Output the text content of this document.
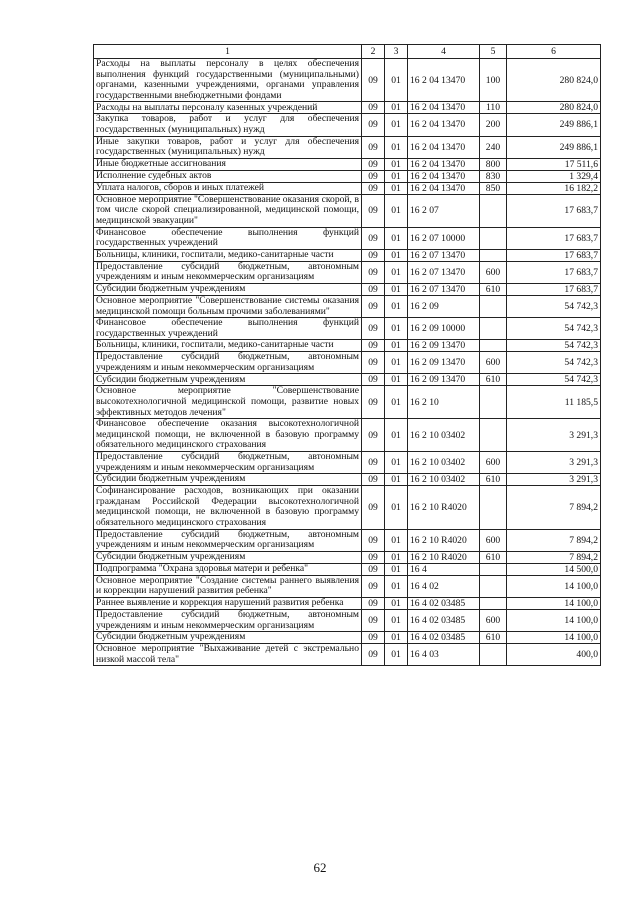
1	2	3	4	5	6
Расходы на выплаты персоналу в целях обеспечения выполнения функций государственными (муниципальными) органами, казенными учреждениями, органами управления государственными внебюджетными фондами	09	01	16 2 04 13470	100	280 824,0
Расходы на выплаты персоналу казенных учреждений	09	01	16 2 04 13470	110	280 824,0
Закупка товаров, работ и услуг для обеспечения государственных (муниципальных) нужд	09	01	16 2 04 13470	200	249 886,1
Иные закупки товаров, работ и услуг для обеспечения государственных (муниципальных) нужд	09	01	16 2 04 13470	240	249 886,1
Иные бюджетные ассигнования	09	01	16 2 04 13470	800	17 511,6
Исполнение судебных актов	09	01	16 2 04 13470	830	1 329,4
Уплата налогов, сборов и иных платежей	09	01	16 2 04 13470	850	16 182,2
Основное мероприятие "Совершенствование оказания скорой, в том числе скорой специализированной, медицинской помощи, медицинской эвакуации"	09	01	16 2 07		17 683,7
Финансовое обеспечение выполнения функций государственных учреждений	09	01	16 2 07 10000		17 683,7
Больницы, клиники, госпитали, медико-санитарные части	09	01	16 2 07 13470		17 683,7
Предоставление субсидий бюджетным, автономным учреждениям и иным некоммерческим организациям	09	01	16 2 07 13470	600	17 683,7
Субсидии бюджетным учреждениям	09	01	16 2 07 13470	610	17 683,7
Основное мероприятие "Совершенствование системы оказания медицинской помощи больным прочими заболеваниями"	09	01	16 2 09		54 742,3
Финансовое обеспечение выполнения функций государственных учреждений	09	01	16 2 09 10000		54 742,3
Больницы, клиники, госпитали, медико-санитарные части	09	01	16 2 09 13470		54 742,3
Предоставление субсидий бюджетным, автономным учреждениям и иным некоммерческим организациям	09	01	16 2 09 13470	600	54 742,3
Субсидии бюджетным учреждениям	09	01	16 2 09 13470	610	54 742,3
Основное мероприятие "Совершенствование высокотехнологичной медицинской помощи, развитие новых эффективных методов лечения"	09	01	16 2 10		11 185,5
Финансовое обеспечение оказания высокотехнологичной медицинской помощи, не включенной в базовую программу обязательного медицинского страхования	09	01	16 2 10 03402		3 291,3
Предоставление субсидий бюджетным, автономным учреждениям и иным некоммерческим организациям	09	01	16 2 10 03402	600	3 291,3
Субсидии бюджетным учреждениям	09	01	16 2 10 03402	610	3 291,3
Софинансирование расходов, возникающих при оказании гражданам Российской Федерации высокотехнологичной медицинской помощи, не включенной в базовую программу обязательного медицинского страхования	09	01	16 2 10 R4020		7 894,2
Предоставление субсидий бюджетным, автономным учреждениям и иным некоммерческим организациям	09	01	16 2 10 R4020	600	7 894,2
Субсидии бюджетным учреждениям	09	01	16 2 10 R4020	610	7 894,2
Подпрограмма "Охрана здоровья матери и ребенка"	09	01	16 4		14 500,0
Основное мероприятие "Создание системы раннего выявления и коррекции нарушений развития ребенка"	09	01	16 4 02		14 100,0
Раннее выявление и коррекция нарушений развития ребенка	09	01	16 4 02 03485		14 100,0
Предоставление субсидий бюджетным, автономным учреждениям и иным некоммерческим организациям	09	01	16 4 02 03485	600	14 100,0
Субсидии бюджетным учреждениям	09	01	16 4 02 03485	610	14 100,0
Основное мероприятие "Выхаживание детей с экстремально низкой массой тела"	09	01	16 4 03		400,0
62
